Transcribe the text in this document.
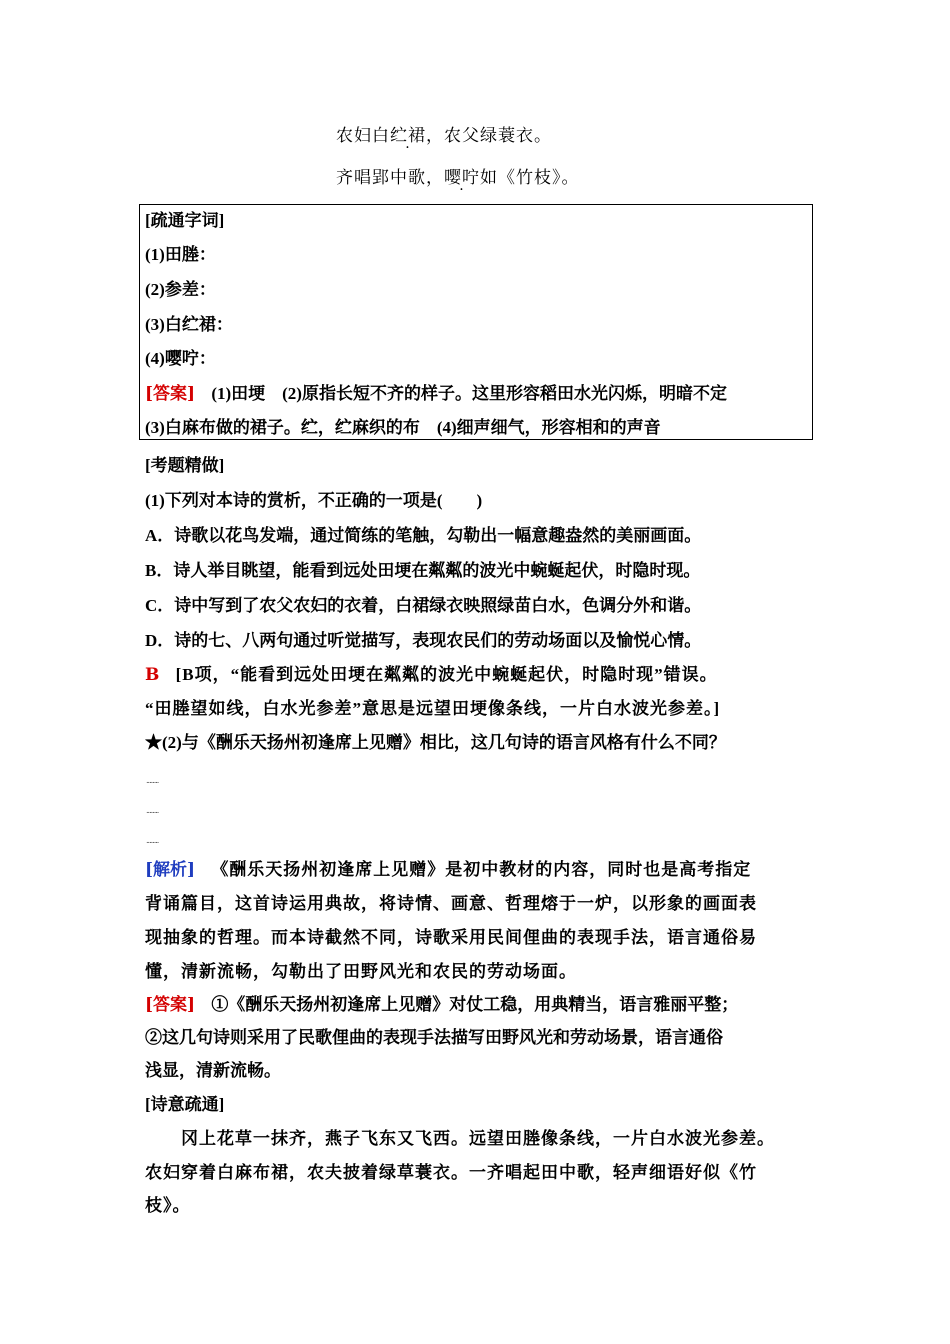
农妇白纻裙，农父绿蓑衣。
齐唱郢中歌，嘤咛如《竹枝》。
[疏通字词]
(1)田塍：
(2)参差：
(3)白纻裙：
(4)嘤咛：
[答案] (1)田埂　(2)原指长短不齐的样子。这里形容稻田水光闪烁，明暗不定
(3)白麻布做的裙子。纻，纻麻织的布　(4)细声细气，形容相和的声音
[考题精做]
(1)下列对本诗的赏析，不正确的一项是(　　)
A．诗歌以花鸟发端，通过简练的笔触，勾勒出一幅意趣盎然的美丽画面。
B．诗人举目眺望，能看到远处田埂在粼粼的波光中蜿蜒起伏，时隐时现。
C．诗中写到了农父农妇的衣着，白裙绿衣映照绿苗白水，色调分外和谐。
D．诗的七、八两句通过听觉描写，表现农民们的劳动场面以及愉悦心情。
B [B项，“能看到远处田埂在粼粼的波光中蜿蜒起伏，时隐时现”错误。
“田塍望如线，白水光参差”意思是远望田埂像条线，一片白水波光参差。]
★(2)与《酬乐天扬州初逢席上见赠》相比，这几句诗的语言风格有什么不同？
........
........
........
[解析] 《酬乐天扬州初逢席上见赠》是初中教材的内容，同时也是高考指定
背诵篇目，这首诗运用典故，将诗情、画意、哲理熔于一炉，以形象的画面表
现抽象的哲理。而本诗截然不同，诗歌采用民间俚曲的表现手法，语言通俗易
懂，清新流畅，勾勒出了田野风光和农民的劳动场面。
[答案] ①《酬乐天扬州初逢席上见赠》对仗工稳，用典精当，语言雅丽平整；
②这几句诗则采用了民歌俚曲的表现手法描写田野风光和劳动场景，语言通俗
浅显，清新流畅。
[诗意疏通]
冈上花草一抹齐，燕子飞东又飞西。远望田塍像条线，一片白水波光参差。
农妇穿着白麻布裙，农夫披着绿草蓑衣。一齐唱起田中歌，轻声细语好似《竹
枝》。
